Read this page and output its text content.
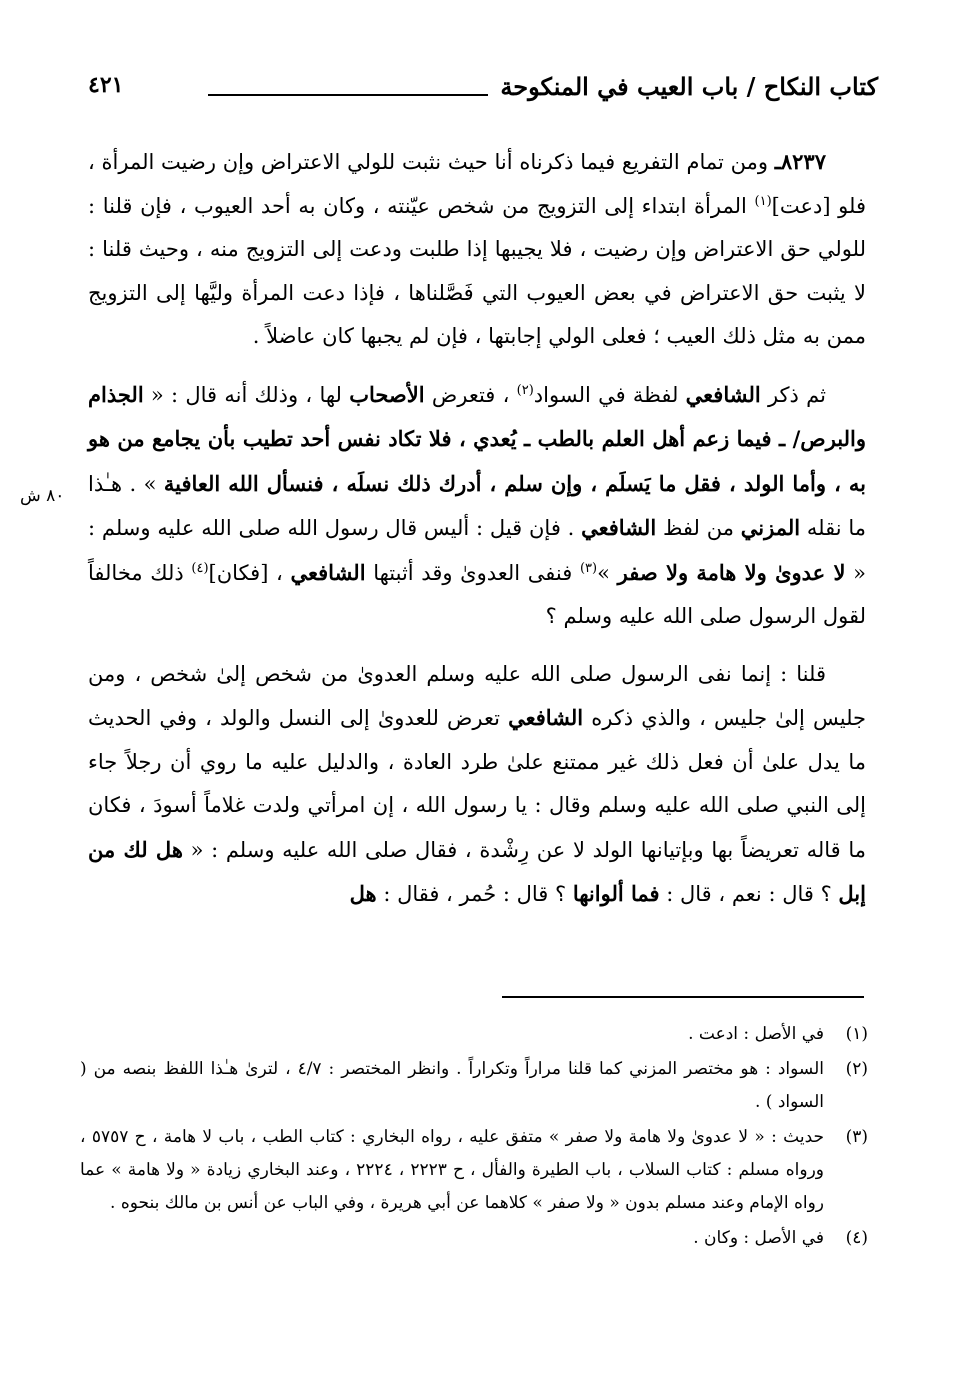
كتاب النكاح / باب العيب في المنكوحة
٤٢١
٨٠ ش

٨٢٣٧ـ ومن تمام التفريع فيما ذكرناه أنا حيث نثبت للولي الاعتراض وإن رضيت المرأة ، فلو [دعت]$^{(١)}$ المرأة ابتداء إلى التزويج من شخص عيّنته ، وكان به أحد العيوب ، فإن قلنا : للولي حق الاعتراض وإن رضيت ، فلا يجيبها إذا طلبت ودعت إلى التزويج منه ، وحيث قلنا : لا يثبت حق الاعتراض في بعض العيوب التي فَصَّلناها ، فإذا دعت المرأة وليَّها إلى التزويج ممن به مثل ذلك العيب ؛ فعلى الولي إجابتها ، فإن لم يجبها كان عاضلاً .

ثم ذكر الشافعي لفظة في السواد$^{(٢)}$ ، فتعرض الأصحاب لها ، وذلك أنه قال : « الجذام والبرص/ ـ فيما زعم أهل العلم بالطب ـ يُعدي ، فلا تكاد نفس أحد تطيب بأن يجامع من هو به ، وأما الولد ، فقل ما يَسلَم ، وإن سلم ، أدرك ذلك نسلَه ، فنسأل الله العافية » . هـٰذا ما نقله المزني من لفظ الشافعي . فإن قيل : أليس قال رسول الله صلى الله عليه وسلم : « لا عدوىٰ ولا هامة ولا صفر »$^{(٣)}$ فنفى العدوىٰ وقد أثبتها الشافعي ، [فكان]$^{(٤)}$ ذلك مخالفاً لقول الرسول صلى الله عليه وسلم ؟

قلنا : إنما نفى الرسول صلى الله عليه وسلم العدوىٰ من شخص إلىٰ شخص ، ومن جليس إلىٰ جليس ، والذي ذكره الشافعي تعرض للعدوىٰ إلى النسل والولد ، وفي الحديث ما يدل علىٰ أن فعل ذلك غير ممتنع علىٰ طرد العادة ، والدليل عليه ما روي أن رجلاً جاء إلى النبي صلى الله عليه وسلم وقال : يا رسول الله ، إن امرأتي ولدت غلاماً أسودَ ، فكان ما قاله تعريضاً بها وبإتيانها الولد لا عن رِشْدة ، فقال صلى الله عليه وسلم : « هل لك من إبل ؟ قال : نعم ، قال : فما ألوانها ؟ قال : حُمر ، فقال : هل

(١)
في الأصل : ادعت .
(٢)
السواد : هو مختصر المزني كما قلنا مراراً وتكراراً . وانظر المختصر : ٤/٧ ، لترىٰ هـٰذا اللفظ بنصه من ( السواد ) .
(٣)
حديث : « لا عدوىٰ ولا هامة ولا صفر » متفق عليه ، رواه البخاري : كتاب الطب ، باب لا هامة ، ح ٥٧٥٧ ، ورواه مسلم : كتاب السلاب ، باب الطيرة والفأل ، ح ٢٢٢٣ ، ٢٢٢٤ ، وعند البخاري زيادة « ولا هامة » عما رواه الإمام وعند مسلم بدون « ولا صفر » كلاهما عن أبي هريرة ، وفي الباب عن أنس بن مالك بنحوه .
(٤)
في الأصل : وكان .
